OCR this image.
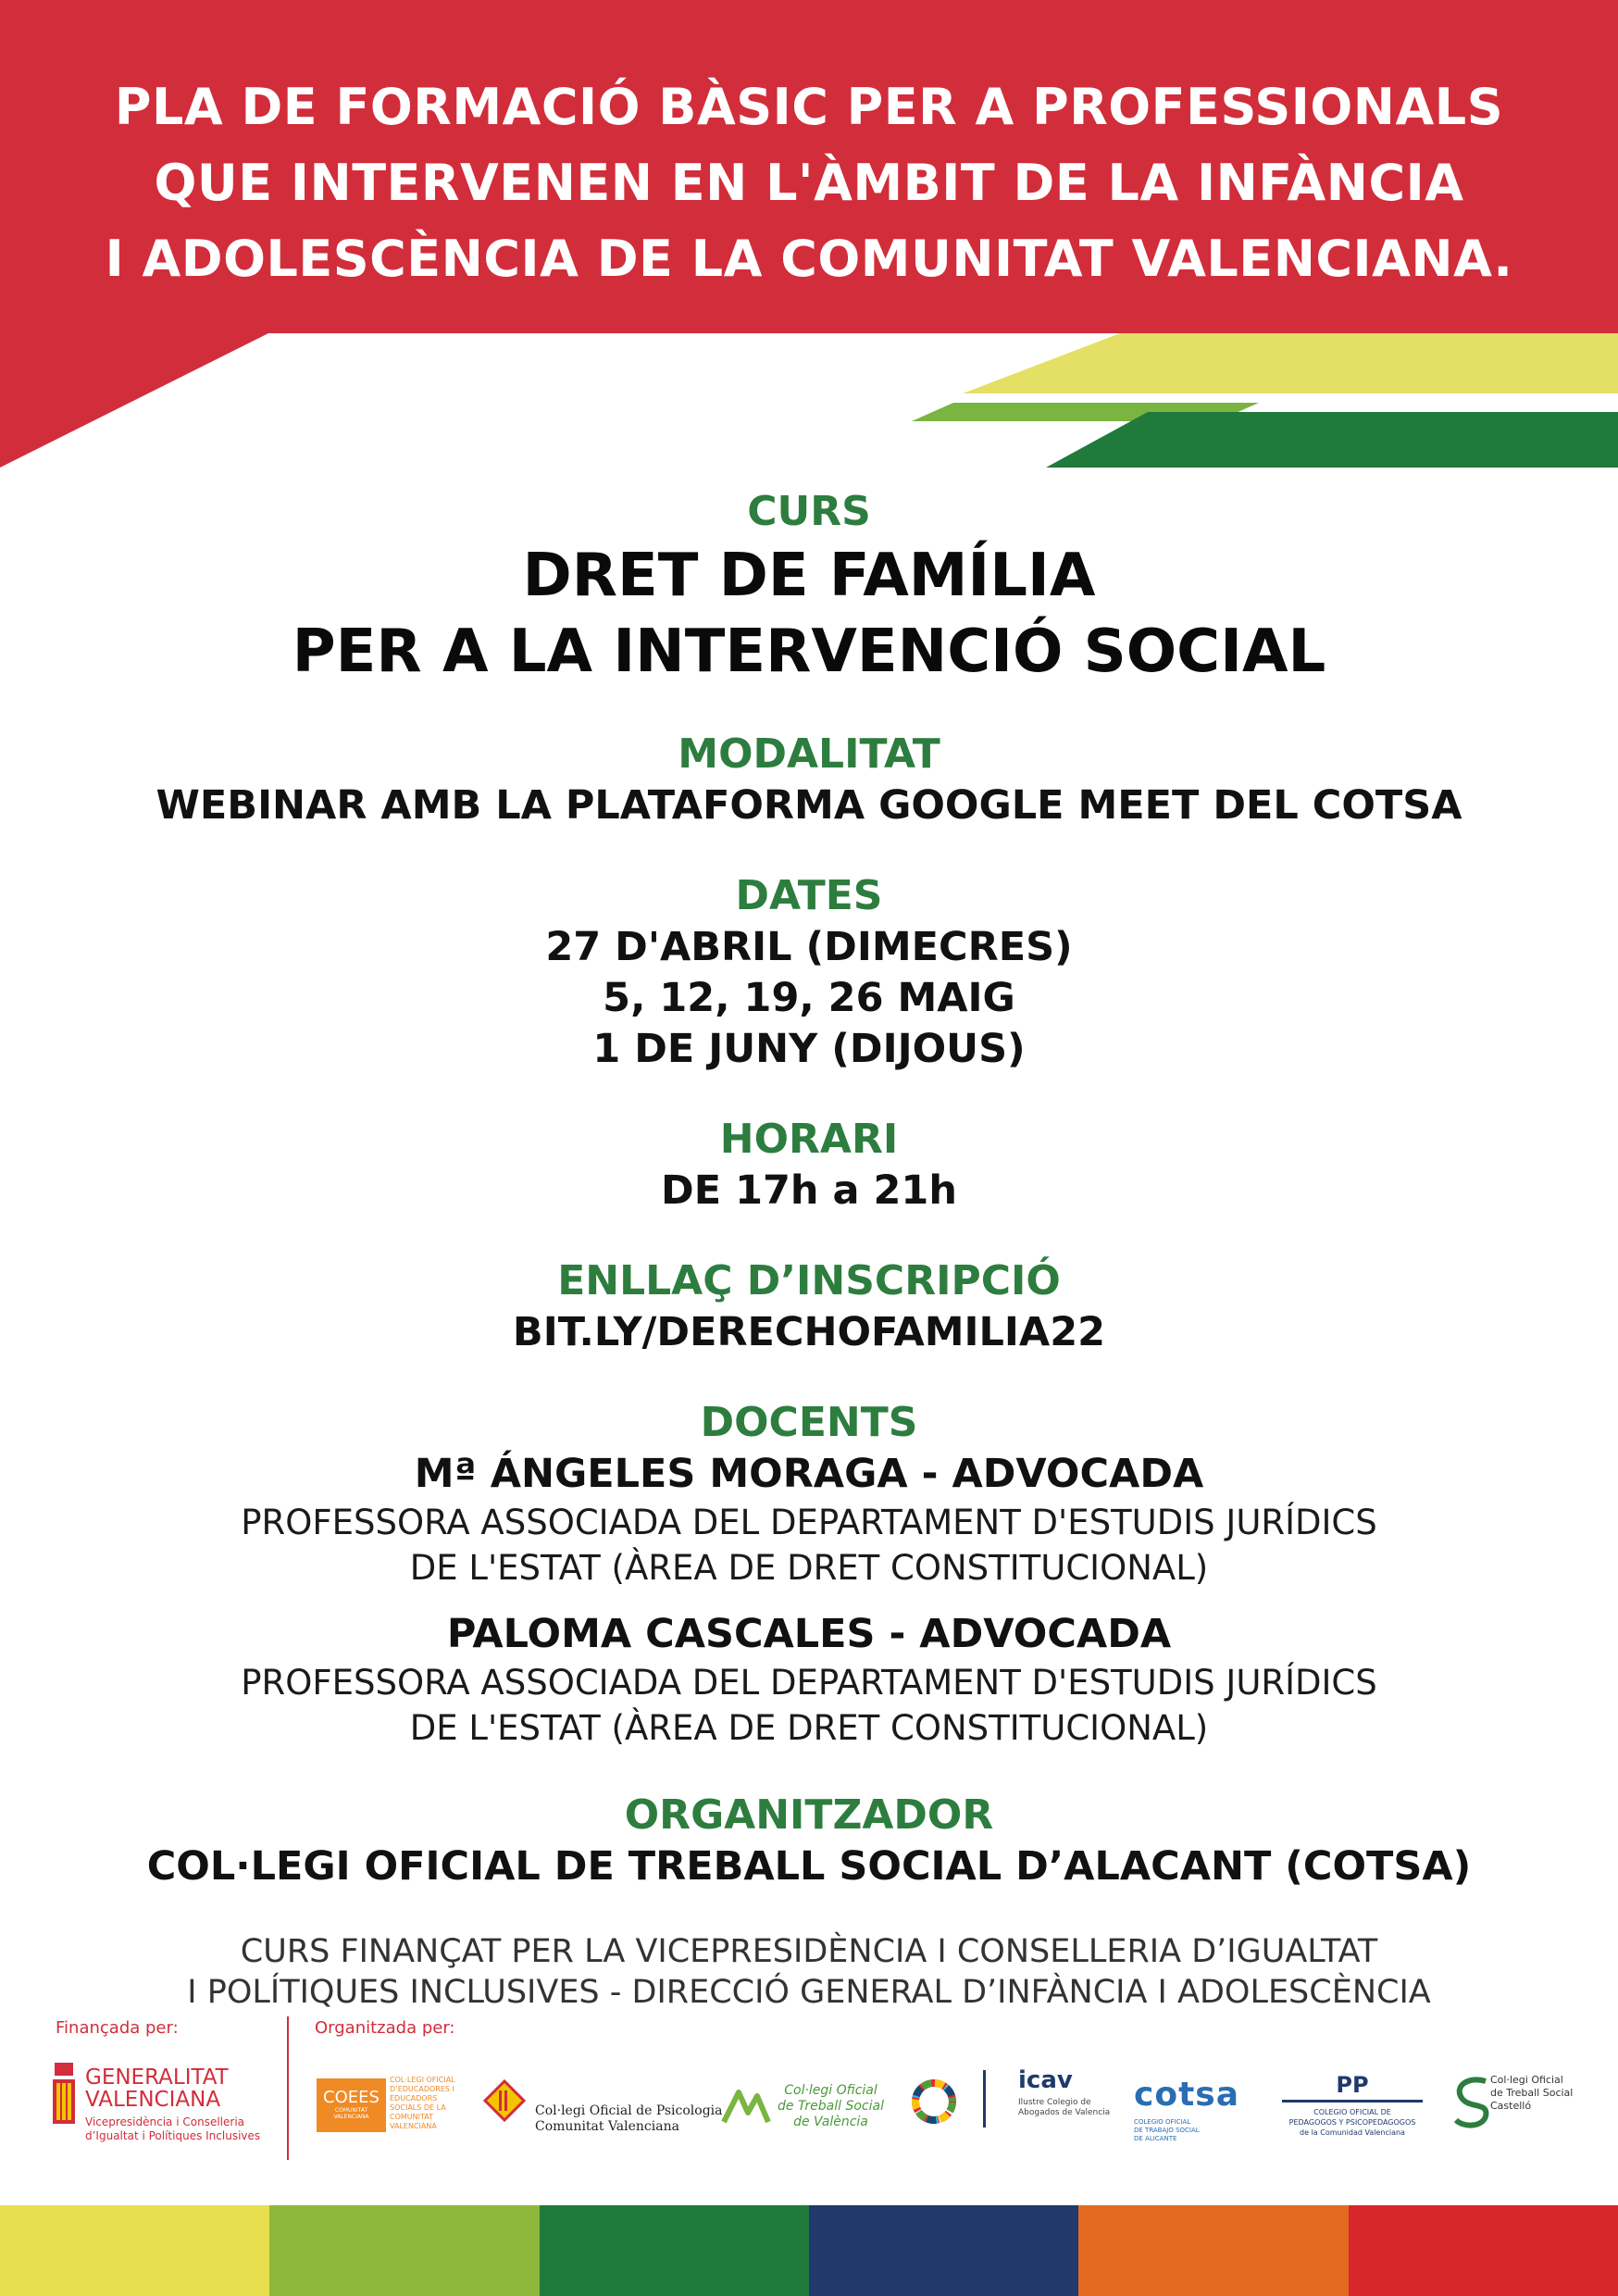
PLA DE FORMACIÓ BÀSIC PER A PROFESSIONALS
QUE INTERVENEN EN L'ÀMBIT DE LA INFÀNCIA
I ADOLESCÈNCIA DE LA COMUNITAT VALENCIANA.
CURS
DRET DE FAMÍLIA
PER A LA INTERVENCIÓ SOCIAL
MODALITAT
WEBINAR AMB LA PLATAFORMA GOOGLE MEET DEL COTSA
DATES
27 D'ABRIL (DIMECRES)
5, 12, 19, 26 MAIG
1 DE JUNY (DIJOUS)
HORARI
DE 17h a 21h
ENLLAÇ D’INSCRIPCIÓ
BIT.LY/DERECHOFAMILIA22
DOCENTS
Mª ÁNGELES MORAGA - ADVOCADA
PROFESSORA ASSOCIADA DEL DEPARTAMENT D'ESTUDIS JURÍDICS
DE L'ESTAT (ÀREA DE DRET CONSTITUCIONAL)
PALOMA CASCALES - ADVOCADA
PROFESSORA ASSOCIADA DEL DEPARTAMENT D'ESTUDIS JURÍDICS
DE L'ESTAT (ÀREA DE DRET CONSTITUCIONAL)
ORGANITZADOR
COL·LEGI OFICIAL DE TREBALL SOCIAL D’ALACANT (COTSA)
CURS FINANÇAT PER LA VICEPRESIDÈNCIA I CONSELLERIA D’IGUALTAT
I POLÍTIQUES INCLUSIVES - DIRECCIÓ GENERAL D’INFÀNCIA I ADOLESCÈNCIA
Finançada per:	Organitzada per:
GENERALITAT
VALENCIANA
Vicepresidència i Conselleria
d’Igualtat i Polítiques Inclusives
COEES
COMUNITAT VALENCIANA
COL·LEGI OFICIAL
D’EDUCADORES I
EDUCADORS
SOCIALS DE LA
COMUNITAT
VALENCIANA
Col·legi Oficial de Psicologia
Comunitat Valenciana
Col·legi Oficial
de Treball Social
de València
icav
Ilustre Colegio de
Abogados de Valencia cotsa
COLEGIO OFICIAL
DE TRABAJO SOCIAL
DE ALICANTE
PP
COLEGIO OFICIAL DE
PEDAGOGOS Y PSICOPEDAGOGOS
de la Comunidad Valenciana
Col·legi Oficial
de Treball Social
Castelló
